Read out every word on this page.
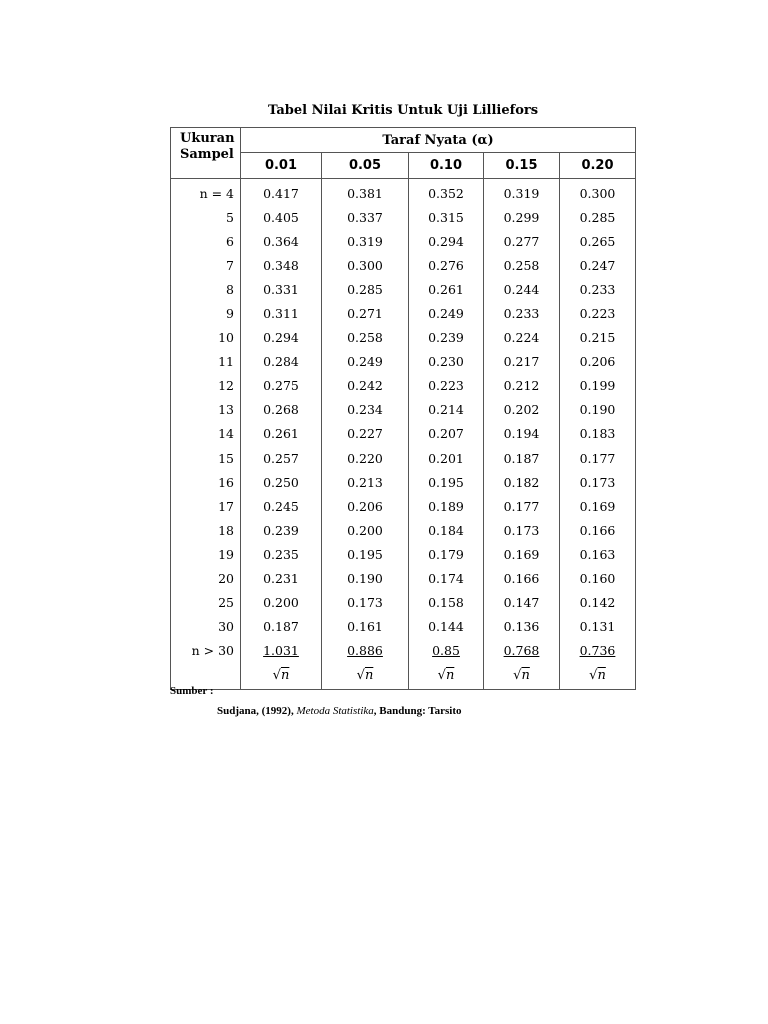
Tabel Nilai Kritis Untuk Uji Lilliefors
Ukuran
Sampel	Taraf Nyata (α)				
	0.01	0.05	0.10	0.15	0.20
n = 4	0.417	0.381	0.352	0.319	0.300
5	0.405	0.337	0.315	0.299	0.285
6	0.364	0.319	0.294	0.277	0.265
7	0.348	0.300	0.276	0.258	0.247
8	0.331	0.285	0.261	0.244	0.233
9	0.311	0.271	0.249	0.233	0.223
10	0.294	0.258	0.239	0.224	0.215
11	0.284	0.249	0.230	0.217	0.206
12	0.275	0.242	0.223	0.212	0.199
13	0.268	0.234	0.214	0.202	0.190
14	0.261	0.227	0.207	0.194	0.183
15	0.257	0.220	0.201	0.187	0.177
16	0.250	0.213	0.195	0.182	0.173
17	0.245	0.206	0.189	0.177	0.169
18	0.239	0.200	0.184	0.173	0.166
19	0.235	0.195	0.179	0.169	0.163
20	0.231	0.190	0.174	0.166	0.160
25	0.200	0.173	0.158	0.147	0.142
30	0.187	0.161	0.144	0.136	0.131
n > 30	1.031	0.886	0.85	0.768	0.736
	√n	√n	√n	√n	√n
Sumber :
Sudjana, (1992), Metoda Statistika, Bandung: Tarsito
